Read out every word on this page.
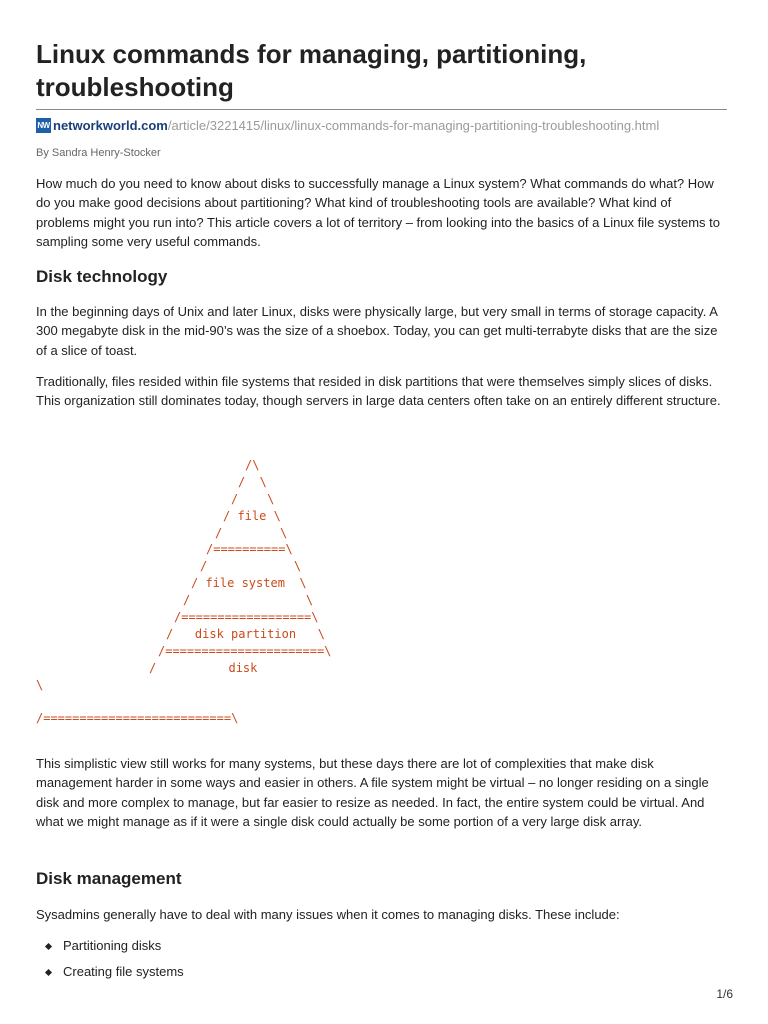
Linux commands for managing, partitioning, troubleshooting
NW networkworld.com /article/3221415/linux/linux-commands-for-managing-partitioning-troubleshooting.html
By Sandra Henry-Stocker

How much do you need to know about disks to successfully manage a Linux system? What commands do what? How do you make good decisions about partitioning? What kind of troubleshooting tools are available? What kind of problems might you run into? This article covers a lot of territory – from looking into the basics of a Linux file systems to sampling some very useful commands.

Disk technology

In the beginning days of Unix and later Linux, disks were physically large, but very small in terms of storage capacity. A 300 megabyte disk in the mid-90’s was the size of a shoebox. Today, you can get multi-terrabyte disks that are the size of a slice of toast.

Traditionally, files resided within file systems that resided in disk partitions that were themselves simply slices of disks. This organization still dominates today, though servers in large data centers often take on an entirely different structure.

/\
/  \
/    \
/ file \
/        \
/==========\
/            \
/ file system  \
/                \
/==================\
/   disk partition   \
/======================\
/          disk
\
/==========================\

This simplistic view still works for many systems, but these days there are lot of complexities that make disk management harder in some ways and easier in others. A file system might be virtual – no longer residing on a single disk and more complex to manage, but far easier to resize as needed. In fact, the entire system could be virtual. And what we might manage as if it were a single disk could actually be some portion of a very large disk array.

Disk management

Sysadmins generally have to deal with many issues when it comes to managing disks. These include:

Partitioning disks
Creating file systems
1/6
